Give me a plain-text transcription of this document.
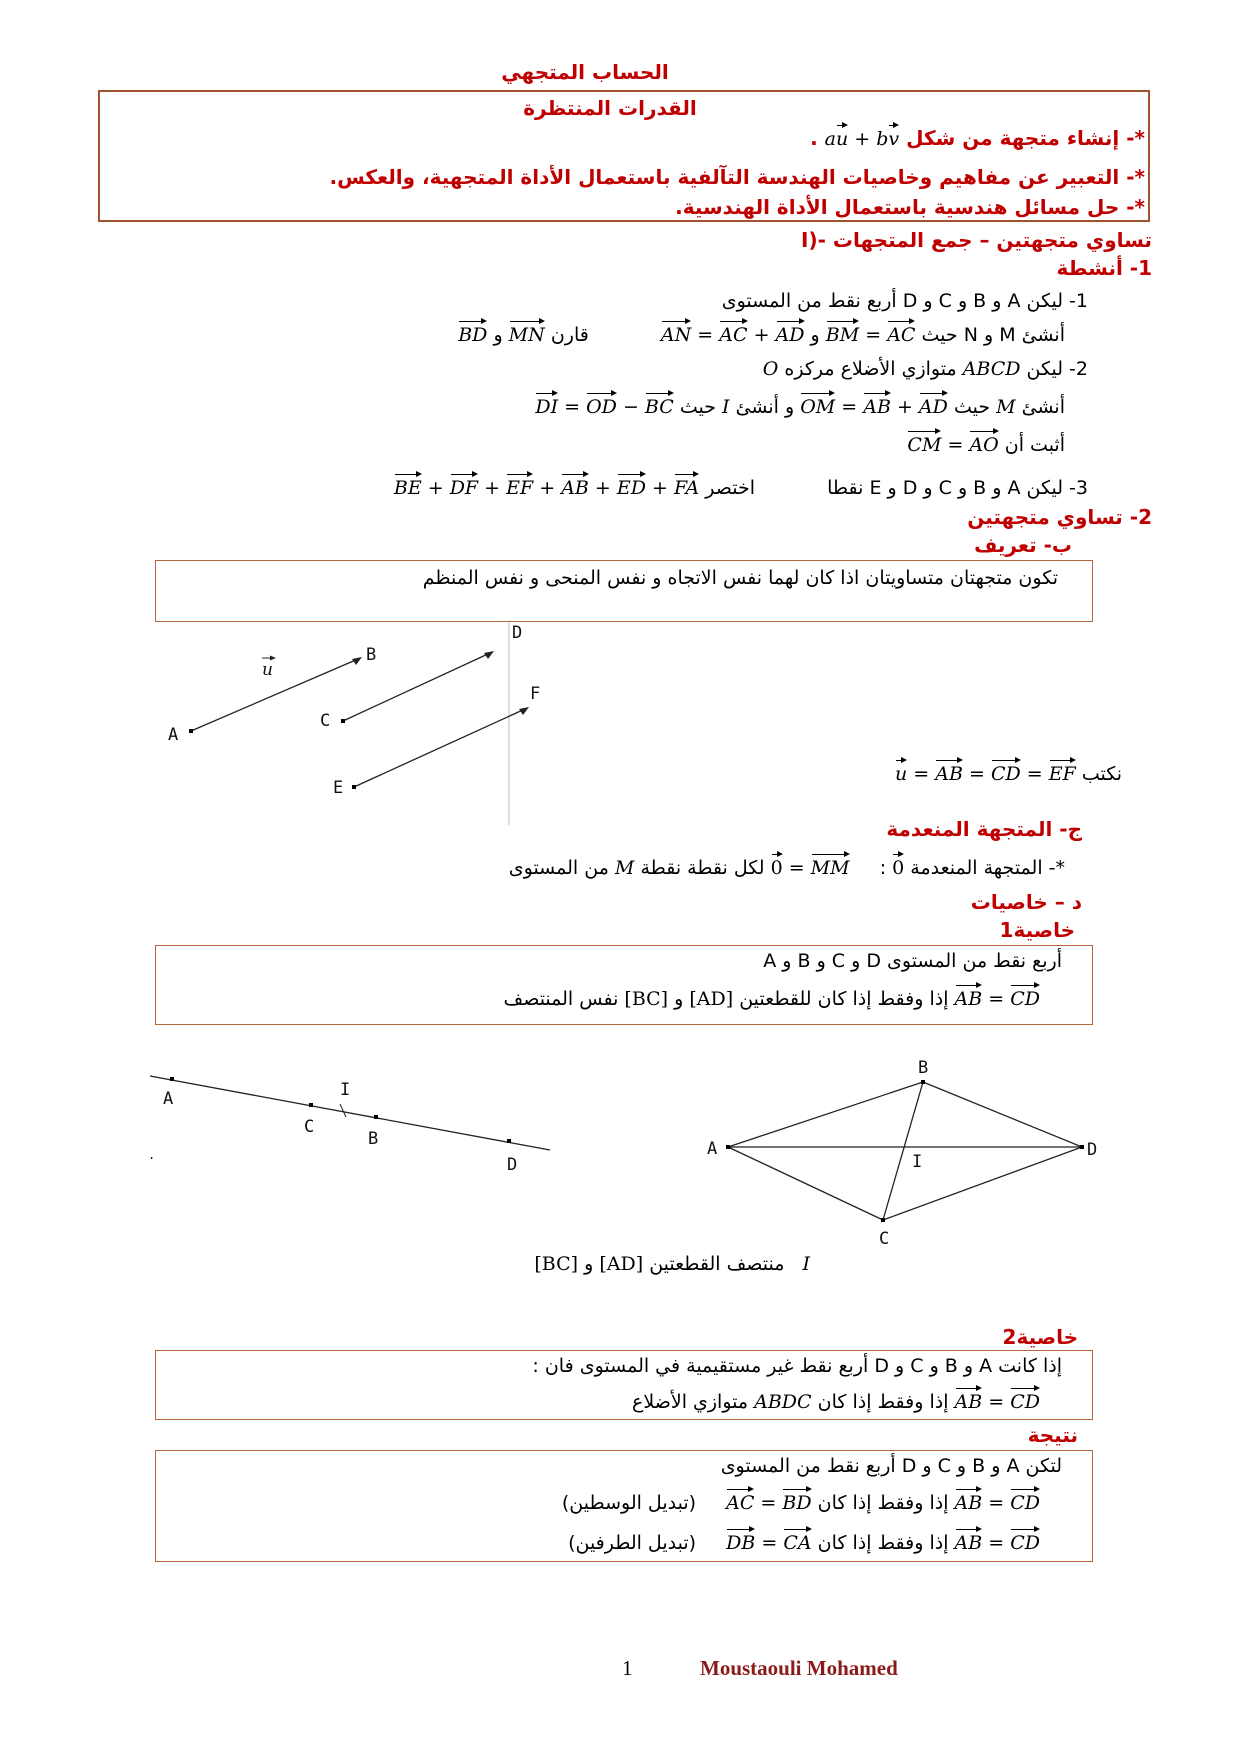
الحساب المتجهي
القدرات المنتظرة
*- إنشاء متجهة من شكل au + bv .
*- التعبير عن مفاهيم وخاصيات الهندسة التآلفية باستعمال الأداة المتجهية، والعكس.
*- حل مسائل هندسية باستعمال الأداة الهندسية.
I)- تساوي متجهتين – جمع المتجهات
1- أنشطة
1- ليكن A و B و C و D أربع نقط من المستوى
أنشئ M و N حيث BM = AC و AN = AC + AD  قارن MN و BD
2- ليكن ABCD متوازي الأضلاع مركزه O
أنشئ M حيث OM = AB + AD و أنشئ I حيث DI = OD − BC
أثبت أن CM = AO
3- ليكن A و B و C و D و E نقطا  اختصر BE + DF + EF + AB + ED + FA
2- تساوي متجهتين
ب- تعريف
تكون متجهتان متساويتان اذا كان لهما نفس الاتجاه و نفس المنحى و نفس المنظم
A
B
C
D
E
F
u
نكتب u = AB = CD = EF
ج- المتجهة المنعدمة
*- المتجهة المنعدمة 0 :  0 = MM لكل نقطة نقطة M من المستوى
د – خاصيات
خاصية1
A و B و C و D أربع نقط من المستوى
AB = CD إذا وفقط إذا كان للقطعتين [AD] و [BC] نفس المنتصف
A
C
I
B
D
.	A
B
D
C
I
I  منتصف القطعتين [AD] و [BC]
خاصية2
إذا كانت A و B و C و D أربع نقط غير مستقيمية في المستوى فان :
AB = CD إذا وفقط إذا كان ABDC متوازي الأضلاع
نتيجة
لتكن A و B و C و D أربع نقط من المستوى
AB = CD إذا وفقط إذا كان AC = BD  (تبديل الوسطين)
AB = CD إذا وفقط إذا كان DB = CA  (تبديل الطرفين)
1	Moustaouli Mohamed
